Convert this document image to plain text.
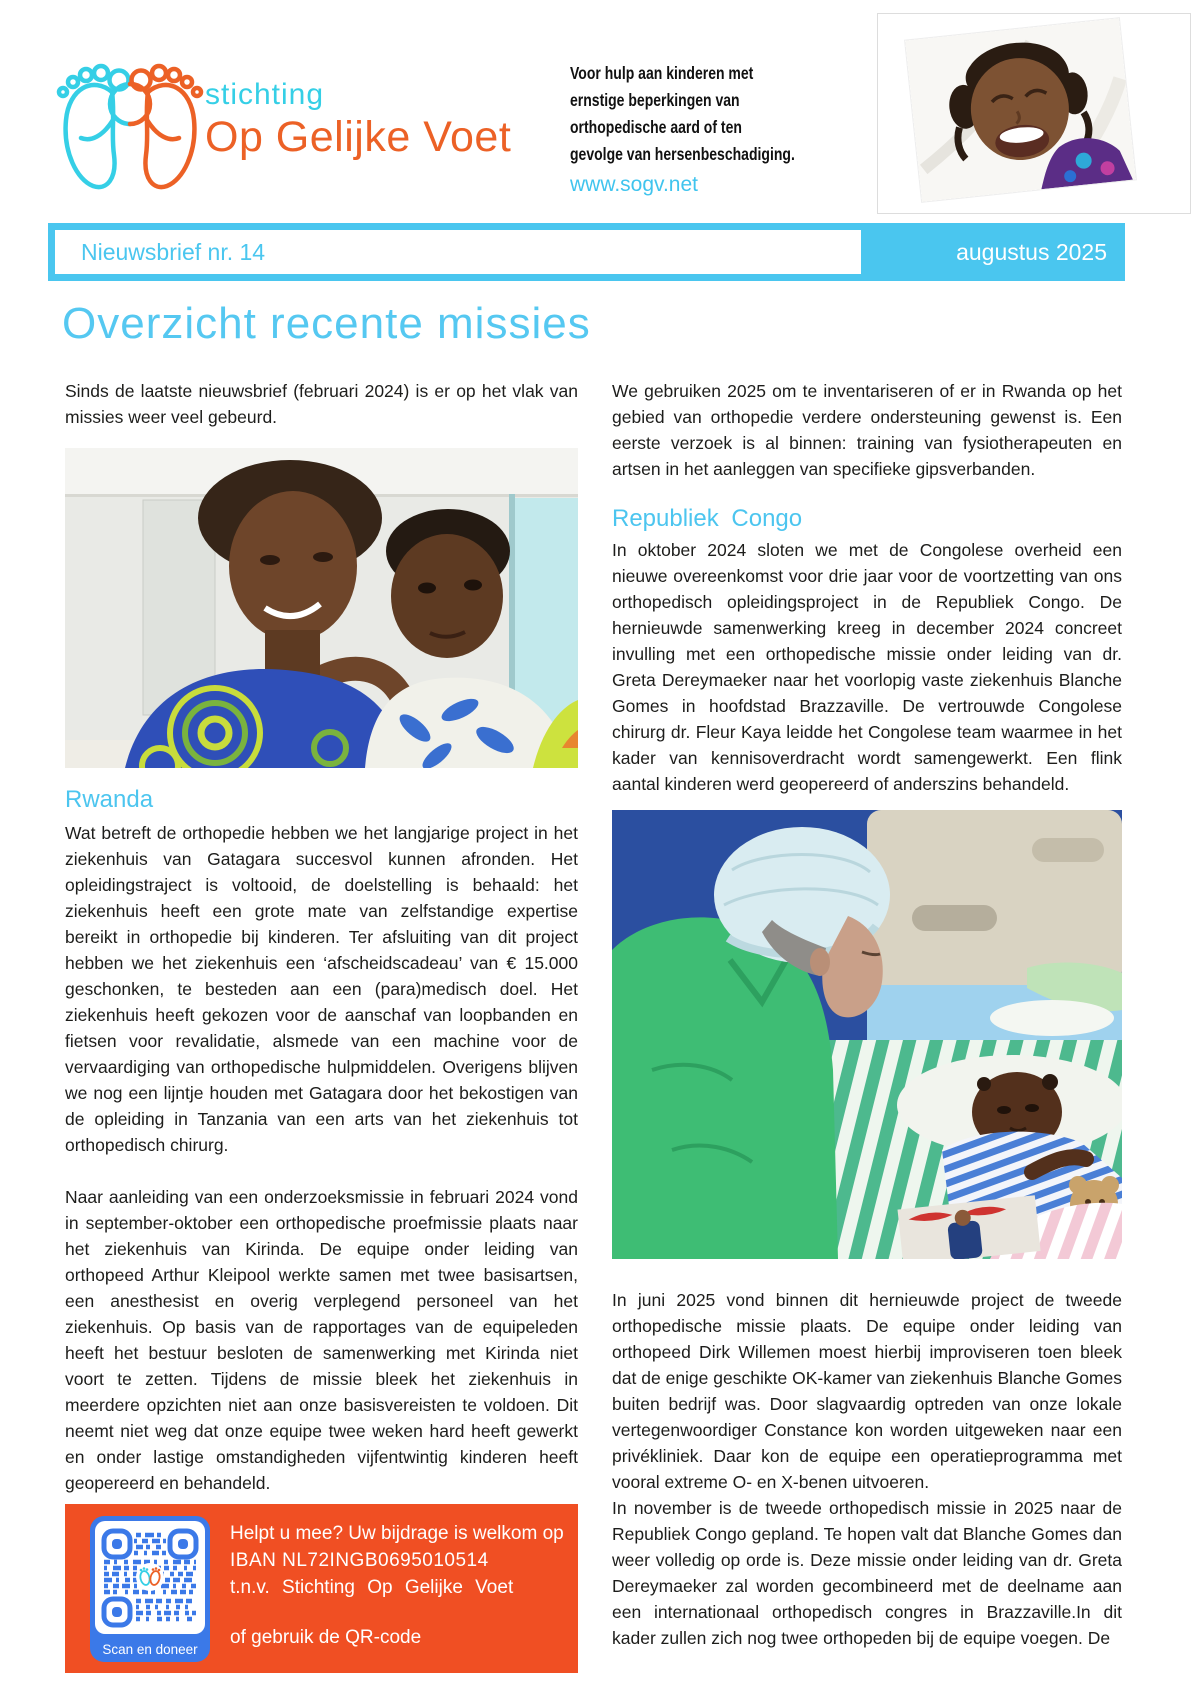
stichting
Op Gelijke Voet
Voor hulp aan kinderen met
ernstige beperkingen van
orthopedische aard of ten
gevolge van hersenbeschadiging.
www.sogv.net
Nieuwsbrief nr. 14	augustus 2025
Overzicht recente missies

Sinds de laatste nieuwsbrief (februari 2024) is er op het vlak van missies weer veel gebeurd.

Rwanda

Wat betreft de orthopedie hebben we het langjarige project in het ziekenhuis van Gatagara succesvol kunnen afronden. Het opleidingstraject is voltooid, de doelstelling is behaald: het ziekenhuis heeft een grote mate van zelfstandige expertise bereikt in orthopedie bij kinderen. Ter afsluiting van dit project hebben we het ziekenhuis een ‘afscheidscadeau’ van € 15.000 geschonken, te besteden aan een (para)medisch doel. Het ziekenhuis heeft gekozen voor de aanschaf van loopbanden en fietsen voor revalidatie, alsmede van een machine voor de vervaardiging van orthopedische hulpmiddelen. Overigens blijven we nog een lijntje houden met Gatagara door het bekostigen van de opleiding in Tanzania van een arts van het ziekenhuis tot orthopedisch chirurg.

Naar aanleiding van een onderzoeksmissie in februari 2024 vond in september-oktober een orthopedische proefmissie plaats naar het ziekenhuis van Kirinda. De equipe onder leiding van orthopeed Arthur Kleipool werkte samen met twee basisartsen, een anesthesist en overig verplegend personeel van het ziekenhuis. Op basis van de rapportages van de equipeleden heeft het bestuur besloten de samenwerking met Kirinda niet voort te zetten. Tijdens de missie bleek het ziekenhuis in meerdere opzichten niet aan onze basisvereisten te voldoen. Dit neemt niet weg dat onze equipe twee weken hard heeft gewerkt en onder lastige omstandigheden vijfentwintig kinderen heeft geopereerd en behandeld.

Scan en doneer
Helpt u mee? Uw bijdrage is welkom op
IBAN NL72INGB0695010514
t.n.v. Stichting Op Gelijke Voet
of gebruik de QR-code

We gebruiken 2025 om te inventariseren of er in Rwanda op het gebied van orthopedie verdere ondersteuning gewenst is. Een eerste verzoek is al binnen: training van fysiotherapeuten en artsen in het aanleggen van specifieke gipsverbanden.

Republiek Congo

In oktober 2024 sloten we met de Congolese overheid een nieuwe overeenkomst voor drie jaar voor de voortzetting van ons orthopedisch opleidingsproject in de Republiek Congo. De hernieuwde samenwerking kreeg in december 2024 concreet invulling met een orthopedische missie onder leiding van dr. Greta Dereymaeker naar het voorlopig vaste ziekenhuis Blanche Gomes in hoofdstad Brazzaville. De vertrouwde Congolese chirurg dr. Fleur Kaya leidde het Congolese team waarmee in het kader van kennisoverdracht wordt samengewerkt. Een flink aantal kinderen werd geopereerd of anderszins behandeld.

In juni 2025 vond binnen dit hernieuwde project de tweede orthopedische missie plaats. De equipe onder leiding van orthopeed Dirk Willemen moest hierbij improviseren toen bleek dat de enige geschikte OK-kamer van ziekenhuis Blanche Gomes buiten bedrijf was. Door slagvaardig optreden van onze lokale vertegenwoordiger Constance kon worden uitgeweken naar een privékliniek. Daar kon de equipe een operatieprogramma met vooral extreme O- en X-benen uitvoeren.

In november is de tweede orthopedisch missie in 2025 naar de Republiek Congo gepland. Te hopen valt dat Blanche Gomes dan weer volledig op orde is. Deze missie onder leiding van dr. Greta Dereymaeker zal worden gecombineerd met de deelname aan een internationaal orthopedisch congres in Brazzaville.In dit kader zullen zich nog twee orthopeden bij de equipe voegen. De
